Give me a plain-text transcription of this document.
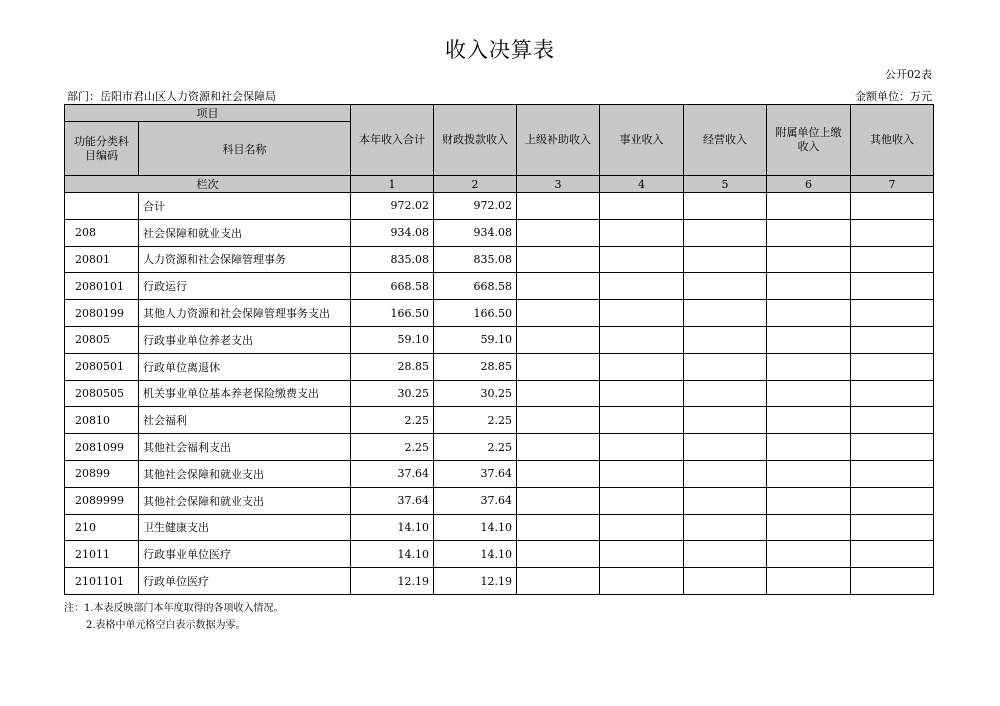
收入决算表
公开02表
部门：岳阳市君山区人力资源和社会保障局	金额单位：万元
项目		本年收入合计	财政拨款收入	上级补助收入	事业收入	经营收入	附属单位上缴收入	其他收入
功能分类科目编码	科目名称							
栏次		1	2	3	4	5	6	7
	合计	972.02	972.02					
208	社会保障和就业支出	934.08	934.08					
20801	人力资源和社会保障管理事务	835.08	835.08					
2080101	行政运行	668.58	668.58					
2080199	其他人力资源和社会保障管理事务支出	166.50	166.50					
20805	行政事业单位养老支出	59.10	59.10					
2080501	行政单位离退休	28.85	28.85					
2080505	机关事业单位基本养老保险缴费支出	30.25	30.25					
20810	社会福利	2.25	2.25					
2081099	其他社会福利支出	2.25	2.25					
20899	其他社会保障和就业支出	37.64	37.64					
2089999	其他社会保障和就业支出	37.64	37.64					
210	卫生健康支出	14.10	14.10					
21011	行政事业单位医疗	14.10	14.10					
2101101	行政单位医疗	12.19	12.19					
注：1.本表反映部门本年度取得的各项收入情况。
2.表格中单元格空白表示数据为零。
